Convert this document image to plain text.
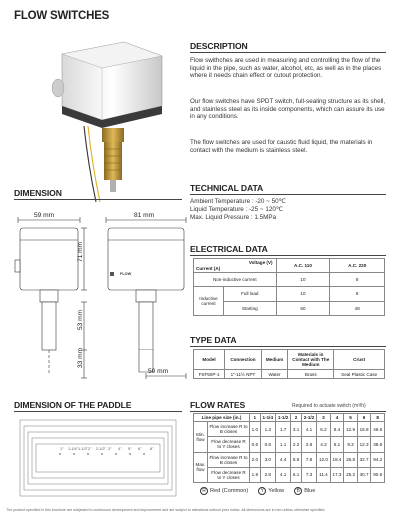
FLOW SWITCHES
DESCRIPTION
Flow swithches are used in measuring and controlling the flow of the liquid in the pipe, such as water, alcohol, etc, as well as in the places where it needs chain effect or cutout protection.
Our flow switches have SPDT switch, full-sealing structure as its shell, and stainless steel as its inside components, which can assure its use in any conditions.
The flow switches are used for caustic fluid liquid, the materials in contact with the medium is stainless steel.
DIMENSION
59 mm	81 mm
71 mm
53 mm
33 mm
50 mm
FLOW
TECHNICAL DATA
Ambient Temperature : -20 ~ 50℃
Liquid Temperature : -25 ~ 120℃
Max. Liquid Pressure : 1.5MPa
ELECTRICAL DATA
Voltage (V)
Current (A)		A.C. 110	A.C. 220
Non-inductive current		10	8
Inductive current	Full load	10	8
	Starting	60	48
TYPE DATA
Model	Connection	Medium	Materials in Contact with The Medium	Crust
FSF50P-1	1"-11½ NPT	Water	Brass	Seal Plastic Case
DIMENSION OF THE PADDLE
1" 1-1/4" 1-1/2" 2" 2-1/2" 3" 4" 5" 6" 8"
FLOW RATES	Required to actuate switch (m³/h)
Line pipe size (in.)		1	1-1/4	1-1/2	2	2-1/2	3	4	5	6	8
Min. flow	Flow increase R to B closes	1.0	1.3	1.7	3.1	4.1	6.2	8.4	12.9	16.8	46.6
	Flow decrease R to Y closes	0.6	0.8	1.1	2.2	2.8	4.3	6.1	9.3	12.3	38.6
Max. flow	Flow increase R to B closes	2.0	3.0	4.4	6.6	7.8	12.0	18.4	26.8	32.7	94.2
	Flow decrease R to Y closes	1.9	2.8	4.1	6.1	7.3	11.4	17.3	25.2	30.7	90.6
R Red (Common)	Y Yellow	B Blue
The product specified in this brochure are subjected to continuous development and improvement and are subject to alterations without prior notice. All dimensions are in mm unless otherwise specified.
